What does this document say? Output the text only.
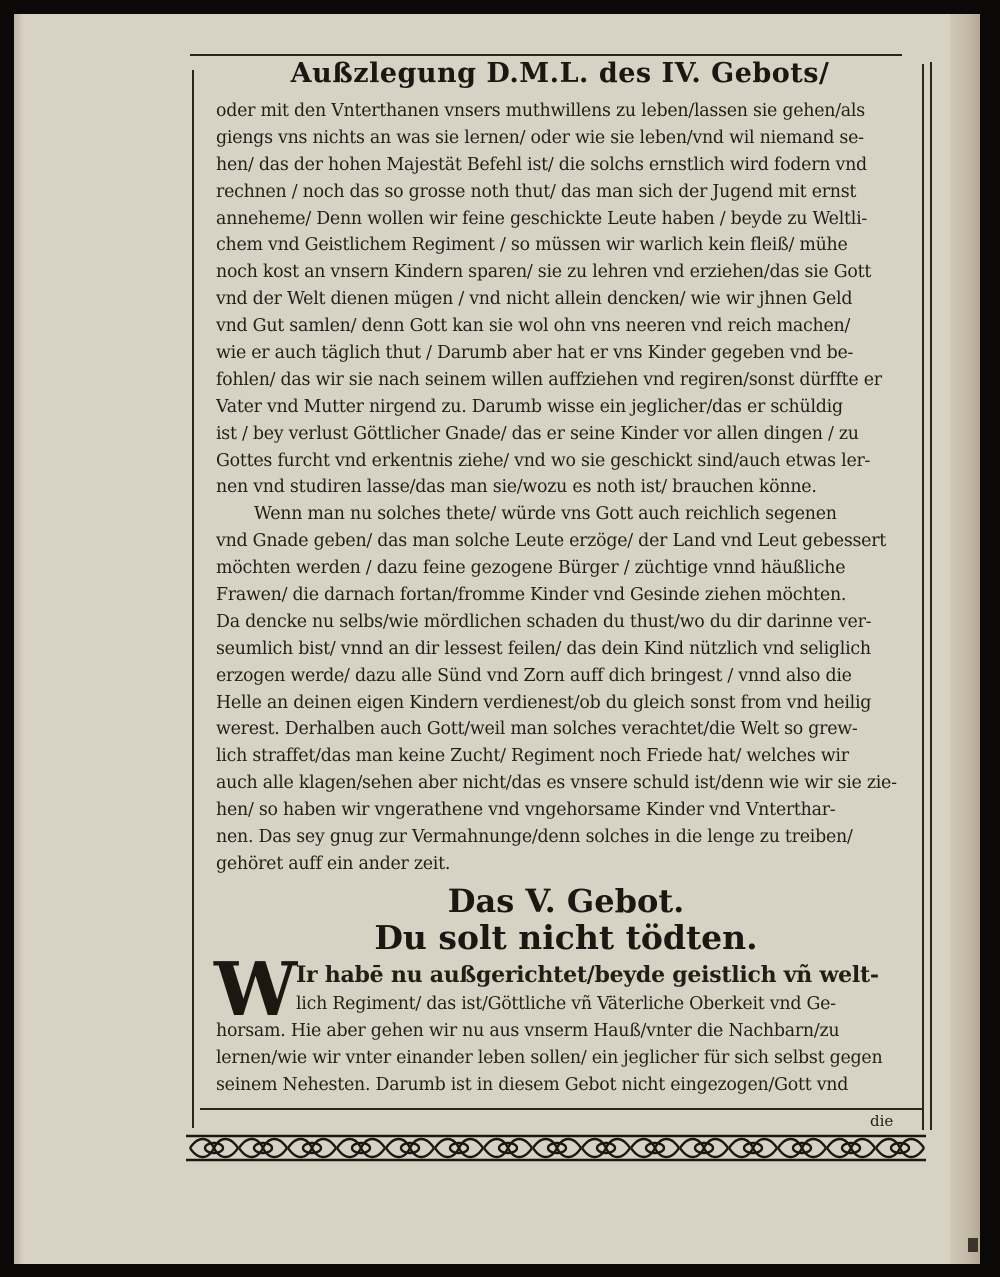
Außzlegung D.M.L. des IV. Gebots/
oder mit den Vnterthanen vnsers muthwillens zu leben/lassen sie gehen/als
giengs vns nichts an was sie lernen/ oder wie sie leben/vnd wil niemand se-
hen/ das der hohen Majestät Befehl ist/ die solchs ernstlich wird fodern vnd
rechnen / noch das so grosse noth thut/ das man sich der Jugend mit ernst
anneheme/ Denn wollen wir feine geschickte Leute haben / beyde zu Weltli-
chem vnd Geistlichem Regiment / so müssen wir warlich kein fleiß/ mühe
noch kost an vnsern Kindern sparen/ sie zu lehren vnd erziehen/das sie Gott
vnd der Welt dienen mügen / vnd nicht allein dencken/ wie wir jhnen Geld
vnd Gut samlen/ denn Gott kan sie wol ohn vns neeren vnd reich machen/
wie er auch täglich thut / Darumb aber hat er vns Kinder gegeben vnd be-
fohlen/ das wir sie nach seinem willen auffziehen vnd regiren/sonst dürffte er
Vater vnd Mutter nirgend zu. Darumb wisse ein jeglicher/das er schüldig
ist / bey verlust Göttlicher Gnade/ das er seine Kinder vor allen dingen / zu
Gottes furcht vnd erkentnis ziehe/ vnd wo sie geschickt sind/auch etwas ler-
nen vnd studiren lasse/das man sie/wozu es noth ist/ brauchen könne.
Wenn man nu solches thete/ würde vns Gott auch reichlich segenen
vnd Gnade geben/ das man solche Leute erzöge/ der Land vnd Leut gebessert
möchten werden / dazu feine gezogene Bürger / züchtige vnnd häußliche
Frawen/ die darnach fortan/fromme Kinder vnd Gesinde ziehen möchten.
Da dencke nu selbs/wie mördlichen schaden du thust/wo du dir darinne ver-
seumlich bist/ vnnd an dir lessest feilen/ das dein Kind nützlich vnd seliglich
erzogen werde/ dazu alle Sünd vnd Zorn auff dich bringest / vnnd also die
Helle an deinen eigen Kindern verdienest/ob du gleich sonst from vnd heilig
werest. Derhalben auch Gott/weil man solches verachtet/die Welt so grew-
lich straffet/das man keine Zucht/ Regiment noch Friede hat/ welches wir
auch alle klagen/sehen aber nicht/das es vnsere schuld ist/denn wie wir sie zie-
hen/ so haben wir vngerathene vnd vngehorsame Kinder vnd Vnterthar-
nen. Das sey gnug zur Vermahnunge/denn solches in die lenge zu treiben/
gehöret auff ein ander zeit.
Das V. Gebot.
Du solt nicht tödten.
W
Ir habē nu außgerichtet/beyde geistlich vñ welt-
lich Regiment/ das ist/Göttliche vñ Väterliche Oberkeit vnd Ge-
horsam. Hie aber gehen wir nu aus vnserm Hauß/vnter die Nachbarn/zu
lernen/wie wir vnter einander leben sollen/ ein jeglicher für sich selbst gegen
seinem Nehesten. Darumb ist in diesem Gebot nicht eingezogen/Gott vnd
die
